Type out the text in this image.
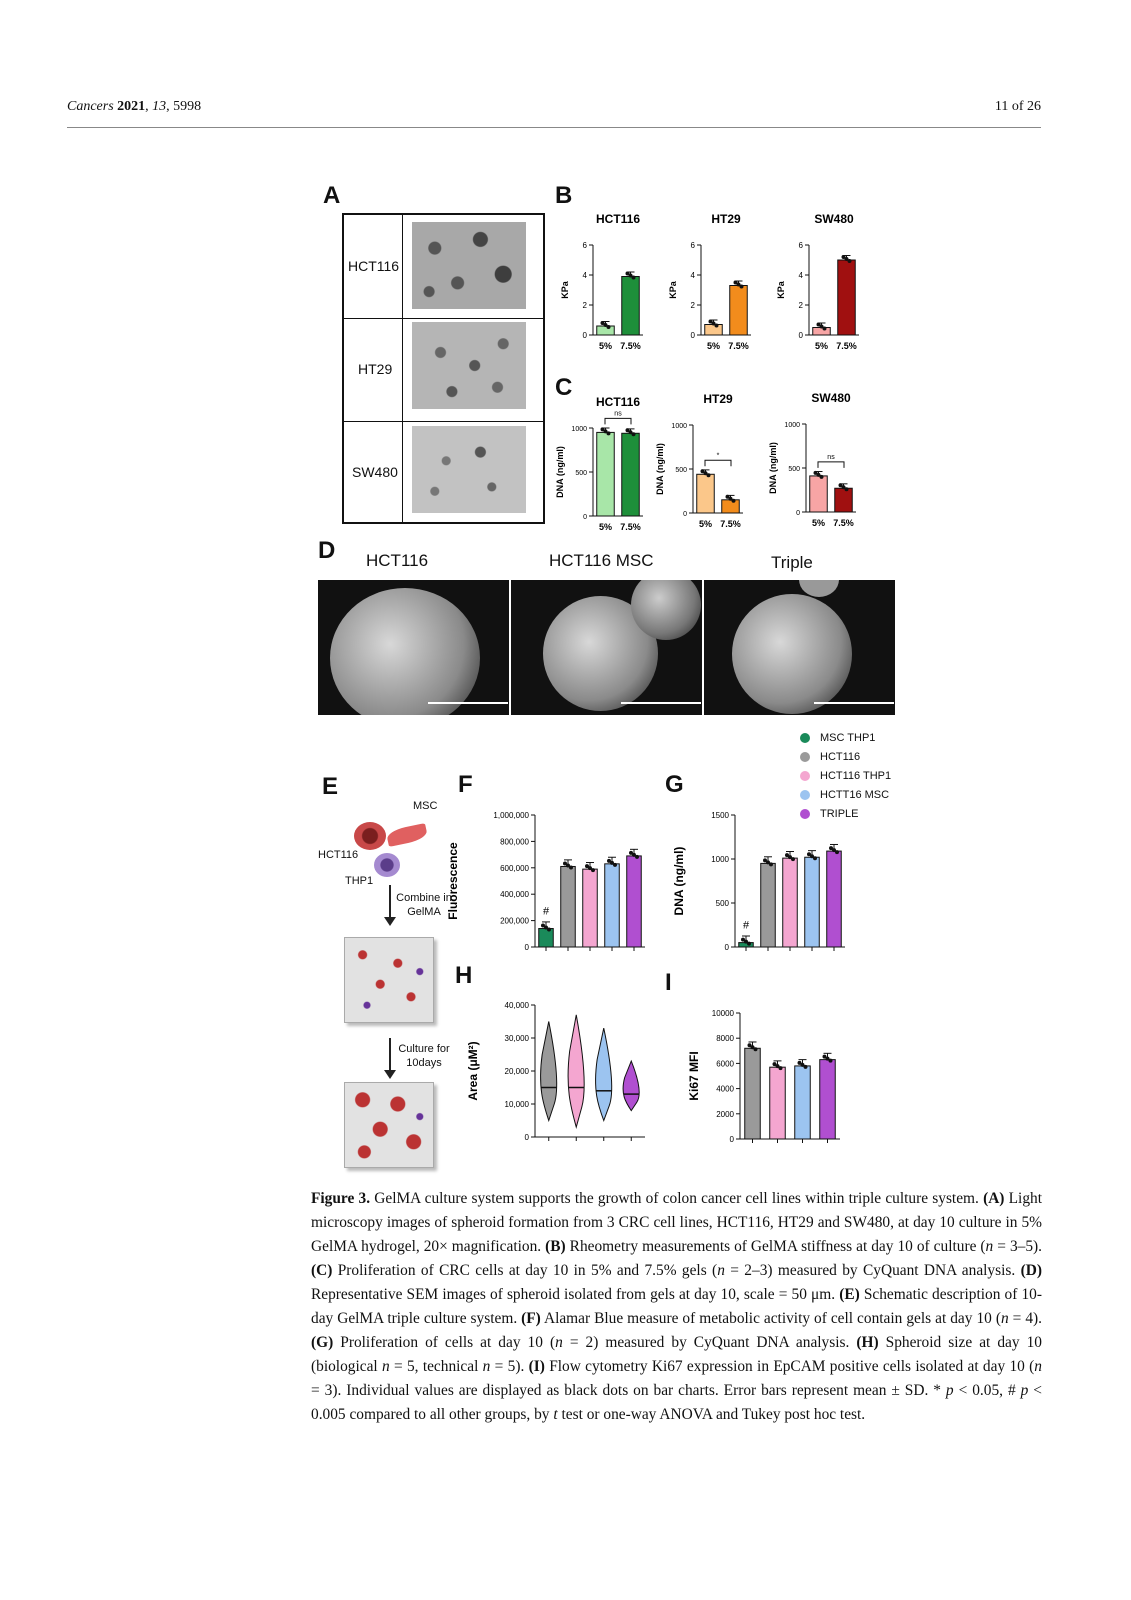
Cancers 2021, 13, 5998	11 of 26
A	B
C
D
E	F	G
H	I
HCT116
HT29
SW480
HCT116
0
2
4
6
KPa
5% 7.5%
HT29
0
2
4
6
KPa
5% 7.5%
SW480
0
2
4
6
KPa
5% 7.5%
HCT116
0
500
1000
DNA (ng/ml)
5% 7.5%
ns
HT29
0
500
1000
DNA (ng/ml)
5% 7.5%
*
SW480
0
500
1000
DNA (ng/ml)
5% 7.5%
ns
HCT116	HCT116 MSC	Triple
MSC THP1
HCT116
HCT116 THP1
HCTT16 MSC
TRIPLE
MSC
HCT116
THP1
Combine in GelMA
Culture for 10days
0
200,000
400,000
600,000
800,000
1,000,000
Fluorescence	#
0
500
1000
1500
DNA (ng/ml)
#
0
2000
4000
6000
8000
10000
Ki67 MFI
0
10,000
20,000
30,000
40,000
Area (μM²)
Figure 3. GelMA culture system supports the growth of colon cancer cell lines within triple culture system. (A) Light microscopy images of spheroid formation from 3 CRC cell lines, HCT116, HT29 and SW480, at day 10 culture in 5% GelMA hydrogel, 20× magnification. (B) Rheometry measurements of GelMA stiffness at day 10 of culture (n = 3–5). (C) Proliferation of CRC cells at day 10 in 5% and 7.5% gels (n = 2–3) measured by CyQuant DNA analysis. (D) Representative SEM images of spheroid isolated from gels at day 10, scale = 50 μm. (E) Schematic description of 10-day GelMA triple culture system. (F) Alamar Blue measure of metabolic activity of cell contain gels at day 10 (n = 4). (G) Proliferation of cells at day 10 (n = 2) measured by CyQuant DNA analysis. (H) Spheroid size at day 10 (biological n = 5, technical n = 5). (I) Flow cytometry Ki67 expression in EpCAM positive cells isolated at day 10 (n = 3). Individual values are displayed as black dots on bar charts. Error bars represent mean ± SD. * p < 0.05, # p < 0.005 compared to all other groups, by t test or one-way ANOVA and Tukey post hoc test.
